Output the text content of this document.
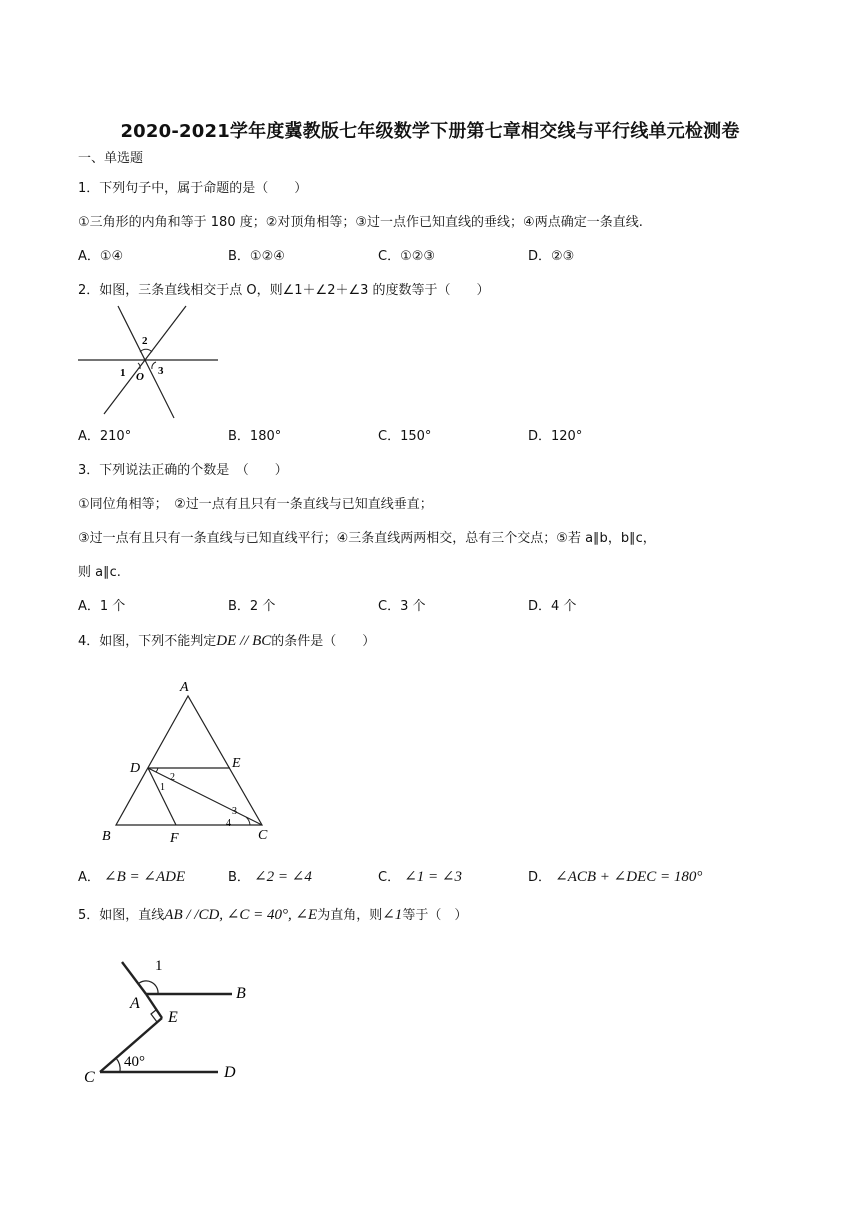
2020-2021学年度冀教版七年级数学下册第七章相交线与平行线单元检测卷
一、单选题
1．下列句子中，属于命题的是（　　）
①三角形的内角和等于 180 度；②对顶角相等；③过一点作已知直线的垂线；④两点确定一条直线.
A．①④	B．①②④	C．①②③	D．②③
2．如图，三条直线相交于点 O，则∠1＋∠2＋∠3 的度数等于（　　）
2
1 O 3
A．210°	B．180°	C．150°	D．120°
3．下列说法正确的个数是　（　　）
①同位角相等；　②过一点有且只有一条直线与已知直线垂直；
③过一点有且只有一条直线与已知直线平行；④三条直线两两相交，总有三个交点；⑤若 a∥b，b∥c，
则 a∥c.
A．1 个	B．2 个	C．3 个	D．4 个
4．如图，下列不能判定DE // BC的条件是（　　）
A
D	E
2
1
3
4
B	F	C
A． ∠B = ∠ADE	B． ∠2 = ∠4	C． ∠1 = ∠3	D． ∠ACB + ∠DEC = 180°
5．如图，直线AB / /CD, ∠C = 40°, ∠E为直角，则∠1等于（　）
1
A
B
E
40°
C	D
